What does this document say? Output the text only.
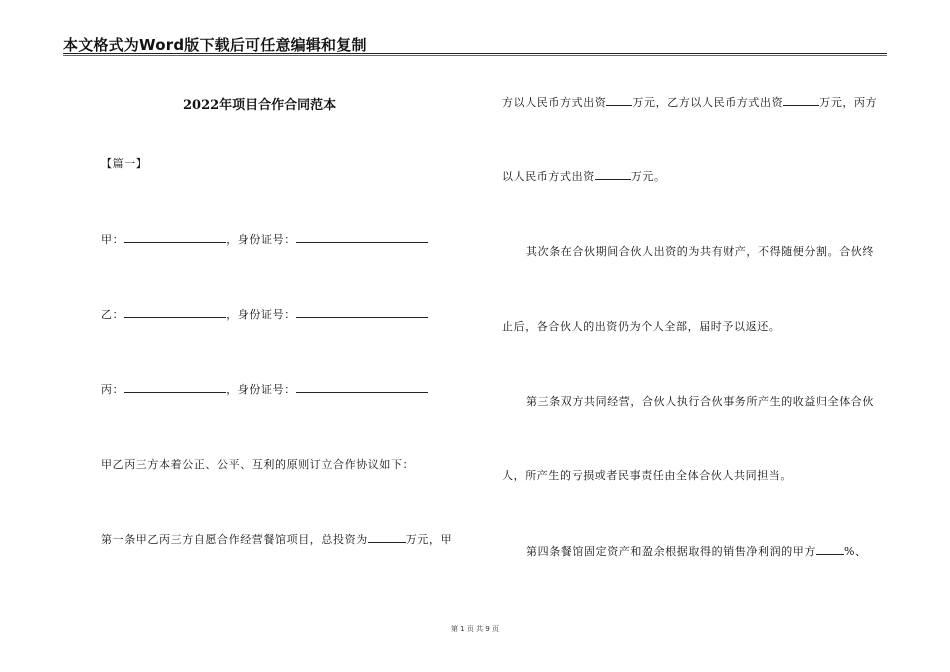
本文格式为Word版下载后可任意编辑和复制
2022年项目合作合同范本
【篇一】
甲：	，身份证号：
乙：	，身份证号：
丙：	，身份证号：
甲乙丙三方本着公正、公平、互利的原则订立合作协议如下：
第一条甲乙丙三方自愿合作经营餐馆项目，总投资为	万元，甲
方以人民币方式出资 万元，乙方以人民币方式出资	万元，丙方
以人民币方式出资	万元。
其次条在合伙期间合伙人出资的为共有财产，不得随便分割。合伙终
止后，各合伙人的出资仍为个人全部，届时予以返还。
第三条双方共同经营，合伙人执行合伙事务所产生的收益归全体合伙
人，所产生的亏损或者民事责任由全体合伙人共同担当。
第四条餐馆固定资产和盈余根据取得的销售净利润的甲方	%、
第 1 页 共 9 页
